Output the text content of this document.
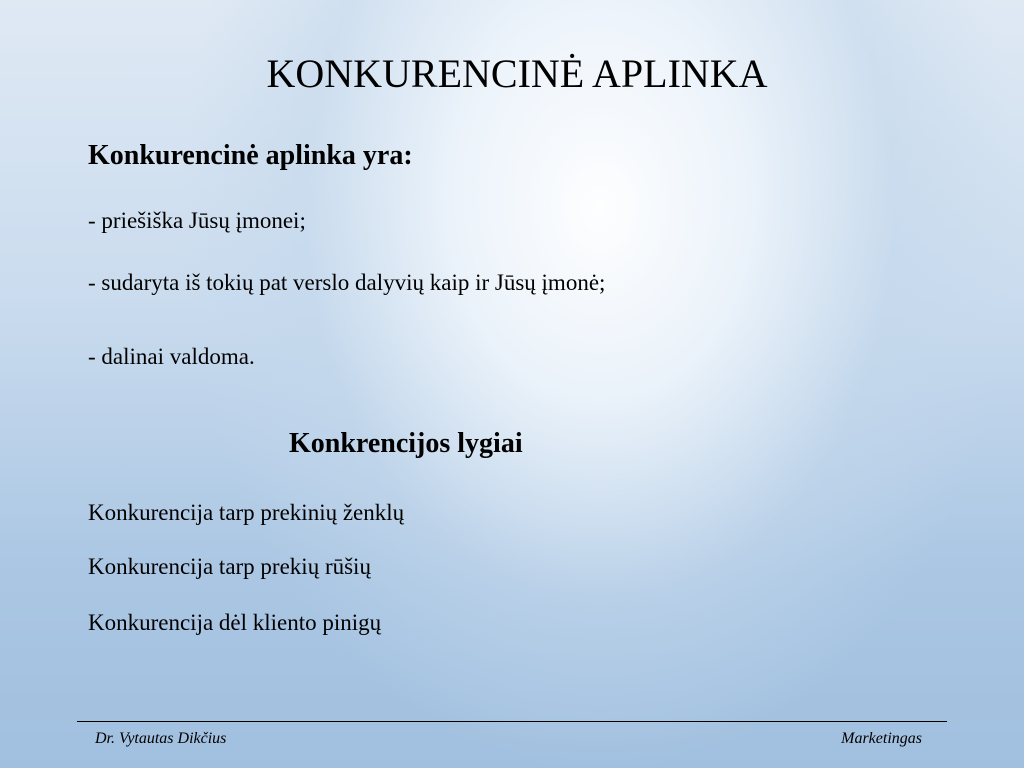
KONKURENCINĖ APLINKA
Konkurencinė aplinka yra:
- priešiška Jūsų įmonei;
- sudaryta iš tokių pat verslo dalyvių kaip ir Jūsų įmonė;
- dalinai valdoma.
Konkrencijos lygiai
Konkurencija tarp prekinių ženklų
Konkurencija tarp prekių rūšių
Konkurencija dėl kliento pinigų
Dr. Vytautas Dikčius	Marketingas
